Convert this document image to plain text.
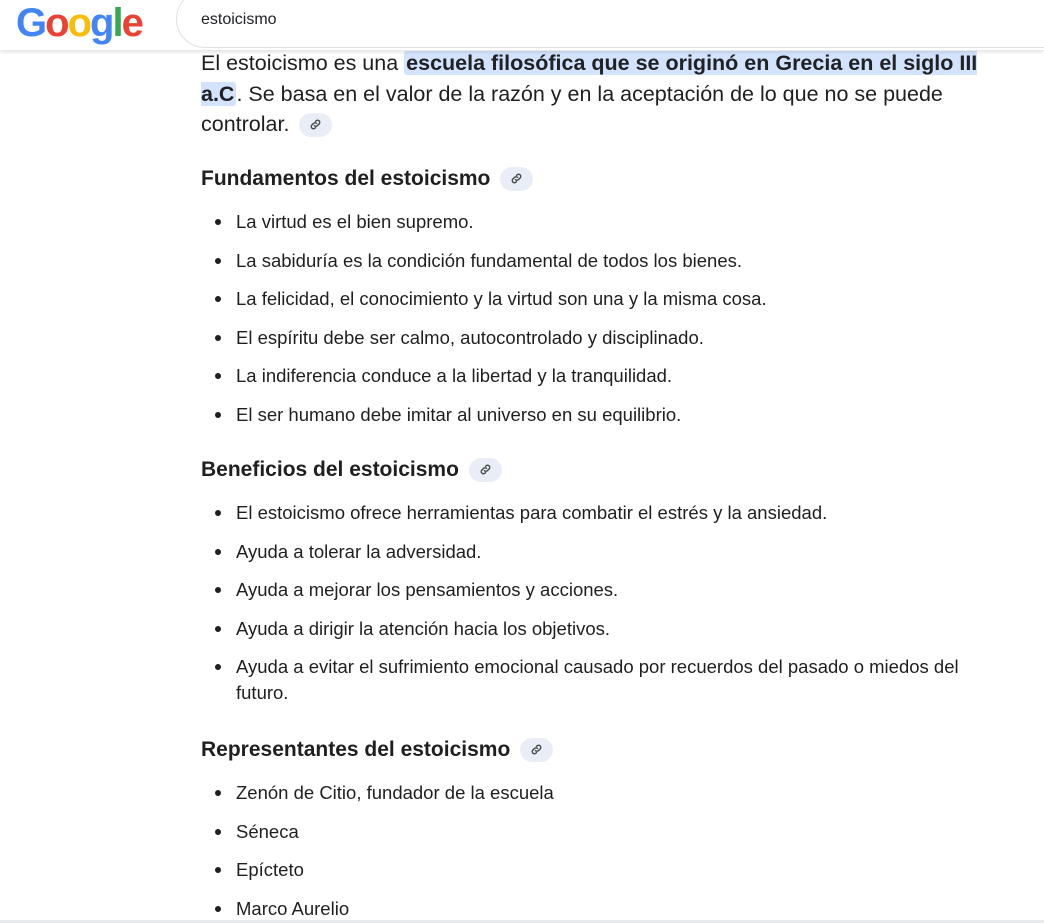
Google
estoicismo

El estoicismo es una escuela filosófica que se originó en Grecia en el siglo III a.C. Se basa en el valor de la razón y en la aceptación de lo que no se puede controlar.

Fundamentos del estoicismo
La virtud es el bien supremo.
La sabiduría es la condición fundamental de todos los bienes.
La felicidad, el conocimiento y la virtud son una y la misma cosa.
El espíritu debe ser calmo, autocontrolado y disciplinado.
La indiferencia conduce a la libertad y la tranquilidad.
El ser humano debe imitar al universo en su equilibrio.
Beneficios del estoicismo
El estoicismo ofrece herramientas para combatir el estrés y la ansiedad.
Ayuda a tolerar la adversidad.
Ayuda a mejorar los pensamientos y acciones.
Ayuda a dirigir la atención hacia los objetivos.
Ayuda a evitar el sufrimiento emocional causado por recuerdos del pasado o miedos del futuro.
Representantes del estoicismo
Zenón de Citio, fundador de la escuela
Séneca
Epícteto
Marco Aurelio
